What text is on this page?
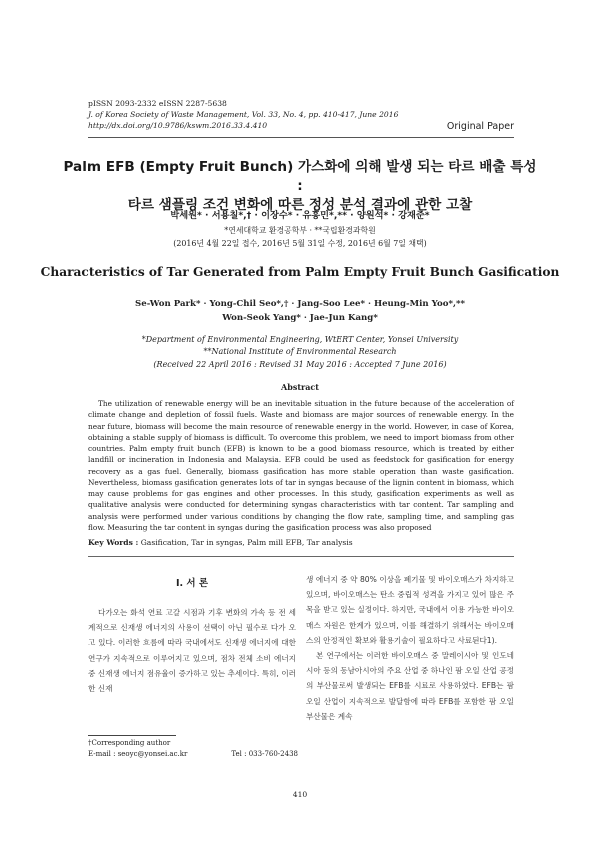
pISSN 2093-2332 eISSN 2287-5638
J. of Korea Society of Waste Management, Vol. 33, No. 4, pp. 410-417, June 2016
http://dx.doi.org/10.9786/kswm.2016.33.4.410	Original Paper
Palm EFB (Empty Fruit Bunch) 가스화에 의해 발생 되는 타르 배출 특성 :
타르 샘플링 조건 변화에 따른 정성 분석 결과에 관한 고찰
박세원* · 서용칠*,† · 이장수* · 유흥민*,** · 양원석* · 강재준*
*연세대학교 환경공학부 · **국립환경과학원
(2016년 4월 22일 접수, 2016년 5월 31일 수정, 2016년 6월 7일 채택)
Characteristics of Tar Generated from Palm Empty Fruit Bunch Gasification
Se-Won Park* · Yong-Chil Seo*,† · Jang-Soo Lee* · Heung-Min Yoo*,**
Won-Seok Yang* · Jae-Jun Kang*
*Department of Environmental Engineering, WtERT Center, Yonsei University
**National Institute of Environmental Research
(Received 22 April 2016 : Revised 31 May 2016 : Accepted 7 June 2016)
Abstract

The utilization of renewable energy will be an inevitable situation in the future because of the acceleration of climate change and depletion of fossil fuels. Waste and biomass are major sources of renewable energy. In the near future, biomass will become the main resource of renewable energy in the world. However, in case of Korea, obtaining a stable supply of biomass is difficult. To overcome this problem, we need to import biomass from other countries. Palm empty fruit bunch (EFB) is known to be a good biomass resource, which is treated by either landfill or incineration in Indonesia and Malaysia. EFB could be used as feedstock for gasification for energy recovery as a gas fuel. Generally, biomass gasification has more stable operation than waste gasification. Nevertheless, biomass gasification generates lots of tar in syngas because of the lignin content in biomass, which may cause problems for gas engines and other processes. In this study, gasification experiments as well as qualitative analysis were conducted for determining syngas characteristics with tar content. Tar sampling and analysis were performed under various conditions by changing the flow rate, sampling time, and sampling gas flow. Measuring the tar content in syngas during the gasification process was also proposed

Key Words : Gasification, Tar in syngas, Palm mill EFB, Tar analysis
I. 서 론

다가오는 화석 연료 고갈 시점과 기후 변화의 가속 등 전 세계적으로 신재생 에너지의 사용이 선택이 아닌 필수로 다가 오고 있다. 이러한 흐름에 따라 국내에서도 신재생 에너지에 대한 연구가 지속적으로 이루어지고 있으며, 점차 전체 소비 에너지 중 신재생 에너지 점유율이 증가하고 있는 추세이다. 특히, 이러한 신재

생 에너지 중 약 80% 이상을 폐기물 및 바이오매스가 차지하고 있으며, 바이오매스는 탄소 중립적 성격을 가지고 있어 많은 주목을 받고 있는 실정이다. 하지만, 국내에서 이용 가능한 바이오매스 자원은 한계가 있으며, 이를 해결하기 위해서는 바이오매스의 안정적인 확보와 활용기술이 필요하다고 사료된다1).

본 연구에서는 이러한 바이오매스 중 말레이시아 및 인도네시아 등의 동남아시아의 주요 산업 중 하나인 팜 오일 산업 공정의 부산물로써 발생되는 EFB를 시료로 사용하였다. EFB는 팜 오일 산업이 지속적으로 발달함에 따라 EFB를 포함한 팜 오일 부산물은 계속

†Corresponding author
E-mail : seoyc@yonsei.ac.kr	Tel : 033-760-2438
410
